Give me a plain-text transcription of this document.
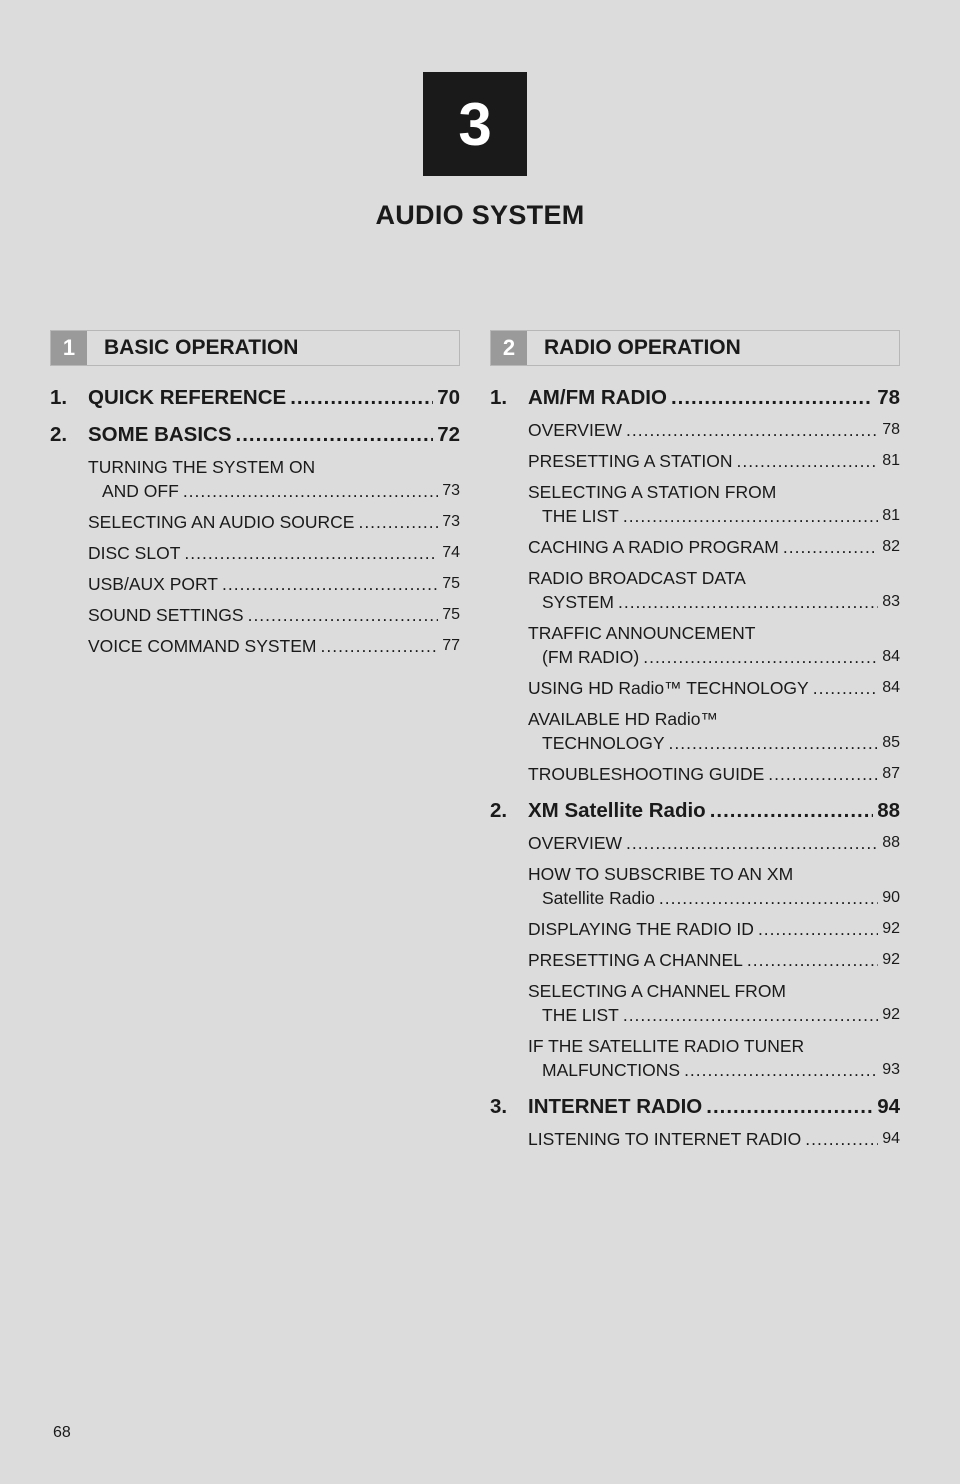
3
AUDIO SYSTEM
1	BASIC OPERATION
1.	QUICK REFERENCE .....	70
2.	SOME BASICS .....	72
TURNING THE SYSTEM ON
AND OFF .....	73
SELECTING AN AUDIO SOURCE .....	73
DISC SLOT .....	74
USB/AUX PORT .....	75
SOUND SETTINGS .....	75
VOICE COMMAND SYSTEM .....	77
2	RADIO OPERATION
1.	AM/FM RADIO .....	78
OVERVIEW .....	78
PRESETTING A STATION .....	81
SELECTING A STATION FROM
THE LIST .....	81
CACHING A RADIO PROGRAM .....	82
RADIO BROADCAST DATA
SYSTEM .....	83
TRAFFIC ANNOUNCEMENT
(FM RADIO) .....	84
USING HD Radio™ TECHNOLOGY .....	84
AVAILABLE HD Radio™
TECHNOLOGY .....	85
TROUBLESHOOTING GUIDE .....	87
2.	XM Satellite Radio .....	88
OVERVIEW .....	88
HOW TO SUBSCRIBE TO AN XM
Satellite Radio .....	90
DISPLAYING THE RADIO ID .....	92
PRESETTING A CHANNEL .....	92
SELECTING A CHANNEL FROM
THE LIST .....	92
IF THE SATELLITE RADIO TUNER
MALFUNCTIONS .....	93
3.	INTERNET RADIO .....	94
LISTENING TO INTERNET RADIO .....	94
68
